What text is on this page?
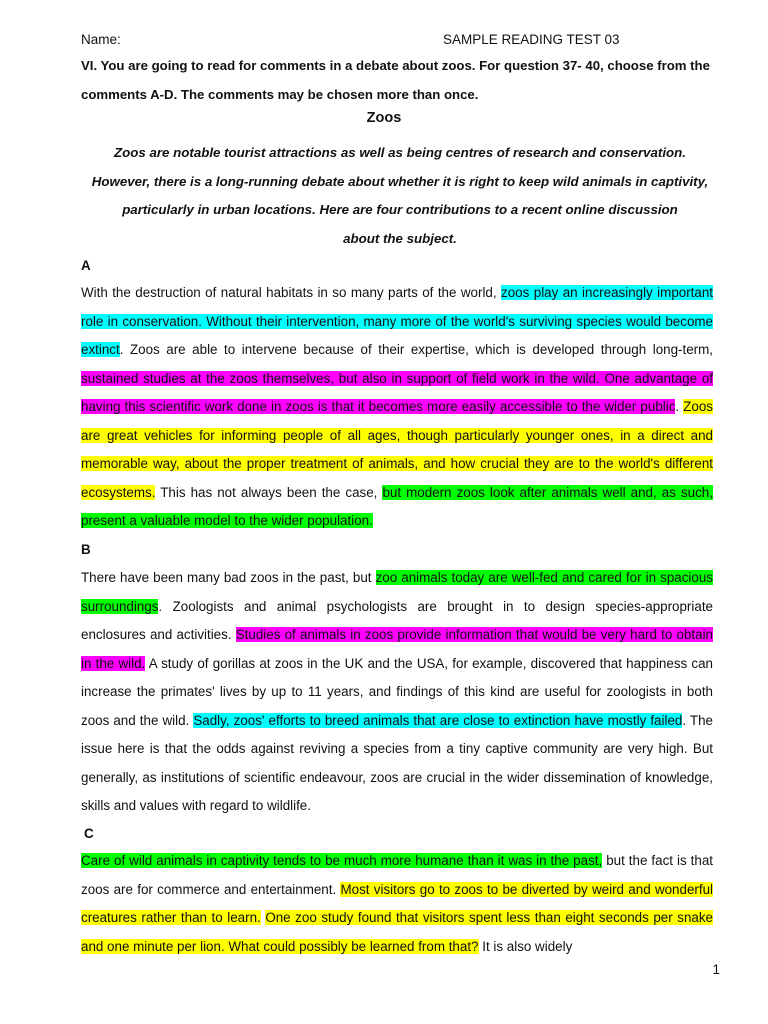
Name:	SAMPLE READING TEST 03

VI. You are going to read for comments in a debate about zoos. For question 37- 40, choose from the comments A-D. The comments may be chosen more than once.

Zoos
Zoos are notable tourist attractions as well as being centres of research and conservation.
However, there is a long-running debate about whether it is right to keep wild animals in captivity,
particularly in urban locations. Here are four contributions to a recent online discussion
about the subject.
A

With the destruction of natural habitats in so many parts of the world, zoos play an increasingly important role in conservation. Without their intervention, many more of the world's surviving species would become extinct. Zoos are able to intervene because of their expertise, which is developed through long-term, sustained studies at the zoos themselves, but also in support of field work in the wild. One advantage of having this scientific work done in zoos is that it becomes more easily accessible to the wider public. Zoos are great vehicles for informing people of all ages, though particularly younger ones, in a direct and memorable way, about the proper treatment of animals, and how crucial they are to the world's different ecosystems. This has not always been the case, but modern zoos look after animals well and, as such, present a valuable model to the wider population.

B

There have been many bad zoos in the past, but zoo animals today are well-fed and cared for in spacious surroundings. Zoologists and animal psychologists are brought in to design species-appropriate enclosures and activities. Studies of animals in zoos provide information that would be very hard to obtain in the wild. A study of gorillas at zoos in the UK and the USA, for example, discovered that happiness can increase the primates' lives by up to 11 years, and findings of this kind are useful for zoologists in both zoos and the wild. Sadly, zoos' efforts to breed animals that are close to extinction have mostly failed. The issue here is that the odds against reviving a species from a tiny captive community are very high. But generally, as institutions of scientific endeavour, zoos are crucial in the wider dissemination of knowledge, skills and values with regard to wildlife.

C

Care of wild animals in captivity tends to be much more humane than it was in the past, but the fact is that zoos are for commerce and entertainment. Most visitors go to zoos to be diverted by weird and wonderful creatures rather than to learn. One zoo study found that visitors spent less than eight seconds per snake and one minute per lion. What could possibly be learned from that? It is also widely

1
